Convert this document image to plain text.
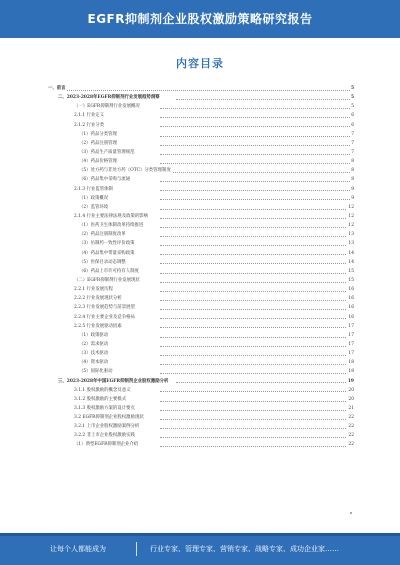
EGFR抑制剂企业股权激励策略研究报告
内容目录
一、前言	5
二、2023-2028年EGFR抑制剂行业发展趋势洞察	5
（一）EGFR抑制剂行业发展概况	5
2.1.1 行业定义	6
2.1.2 行业分类	6
（1）药品分类管理	7
（2）药品注册管理	7
（3）药品生产质量管理规范	7
（4）药品价格管理	8
（5）处方药与非处方药（OTC）分类管理制度	8
（6）药品集中采购与流通	8
2.1.3 行业监管体制	9
（1）政策概况	9
（2）监管环境	12
2.1.4 行业主要法律法规及政策的影响	12
（1）医药卫生体制改革持续推进	12
（2）药品注册制度改革	13
（3）仿制药一致性评价政策	13
（4）药品集中带量采购政策	14
（5）医保目录动态调整	14
（6）药品上市许可持有人制度	15
（二）EGFR抑制剂行业发展现状	15
2.2.1 行业发展历程	16
2.2.2 行业发展现状分析	16
2.2.3 行业发展趋势与前景展望	16
2.2.4 行业主要企业及竞争格局	16
2.2.5 行业发展驱动因素	17
（1）政策驱动	17
（2）需求驱动	17
（3）技术驱动	17
（4）资本驱动	18
（5）国际化驱动	18
三、2023-2028年中国EGFR抑制剂企业股权激励分析	19
3.1.1 股权激励的概念及意义	20
3.1.2 股权激励的主要模式	20
3.1.3 股权激励方案的设计要点	21
3.2 EGFR抑制剂企业股权激励现状	22
3.2.1 上市企业股权激励案例分析	22
3.2.2 非上市企业股权激励实践	22
（1）典型EGFR抑制剂企业介绍	22
让每个人都能成为	行业专家、管理专家、营销专家、战略专家、成功企业家……
